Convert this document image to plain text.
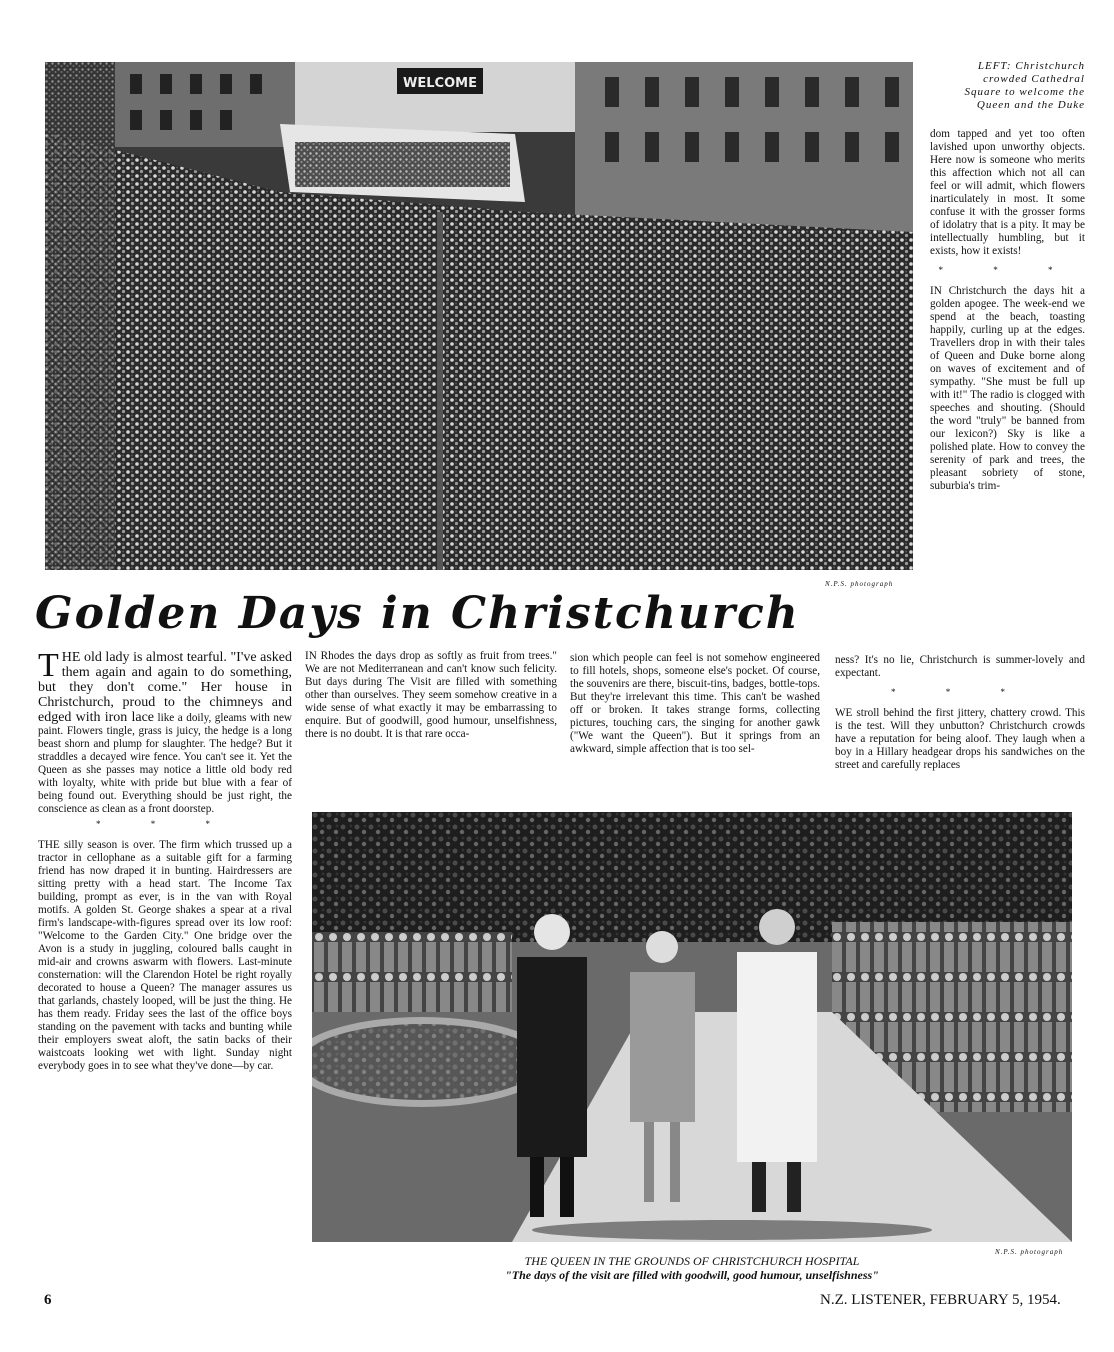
WELCOME
N.P.S. photograph
LEFT: Christchurch
crowded Cathedral
Square to welcome the
Queen and the Duke

dom tapped and yet too often lavished upon unworthy objects. Here now is someone who merits this affection which not all can feel or will admit, which flowers inarticulately in most. It some confuse it with the grosser forms of idolatry that is a pity. It may be intellectually humbling, but it exists, how it exists!

* * *

IN Christchurch the days hit a golden apogee. The week-end we spend at the beach, toasting happily, curling up at the edges. Travellers drop in with their tales of Queen and Duke borne along on waves of excitement and of sympathy. "She must be full up with it!" The radio is clogged with speeches and shouting. (Should the word "truly" be banned from our lexicon?) Sky is like a polished plate. How to convey the serenity of park and trees, the pleasant sobriety of stone, suburbia's trim-

Golden Days in Christchurch

T HE old lady is almost tearful. "I've asked them again and again to do something, but they don't come." Her house in Christchurch, proud to the chimneys and edged with iron lace like a doily, gleams with new paint. Flowers tingle, grass is juicy, the hedge is a long beast shorn and plump for slaughter. The hedge? But it straddles a decayed wire fence. You can't see it. Yet the Queen as she passes may notice a little old body red with loyalty, white with pride but blue with a fear of being found out. Everything should be just right, the conscience as clean as a front doorstep.

* * *

THE silly season is over. The firm which trussed up a tractor in cellophane as a suitable gift for a farming friend has now draped it in bunting. Hairdressers are sitting pretty with a head start. The Income Tax building, prompt as ever, is in the van with Royal motifs. A golden St. George shakes a spear at a rival firm's landscape-with-figures spread over its low roof: "Welcome to the Garden City." One bridge over the Avon is a study in juggling, coloured balls caught in mid-air and crowns aswarm with flowers. Last-minute consternation: will the Clarendon Hotel be right royally decorated to house a Queen? The manager assures us that garlands, chastely looped, will be just the thing. He has them ready. Friday sees the last of the office boys standing on the pavement with tacks and bunting while their employers sweat aloft, the satin backs of their waistcoats looking wet with light. Sunday night everybody goes in to see what they've done—by car.

IN Rhodes the days drop as softly as fruit from trees." We are not Mediterranean and can't know such felicity. But days during The Visit are filled with something other than ourselves. They seem somehow creative in a wide sense of what exactly it may be embarrassing to enquire. But of goodwill, good humour, unselfishness, there is no doubt. It is that rare occa-

sion which people can feel is not somehow engineered to fill hotels, shops, someone else's pocket. Of course, the souvenirs are there, biscuit-tins, badges, bottle-tops. But they're irrelevant this time. This can't be washed off or broken. It takes strange forms, collecting pictures, touching cars, the singing for another gawk ("We want the Queen"). But it springs from an awkward, simple affection that is too sel-

ness? It's no lie, Christchurch is summer-lovely and expectant.

* * *

WE stroll behind the first jittery, chattery crowd. This is the test. Will they unbutton? Christchurch crowds have a reputation for being aloof. They laugh when a boy in a Hillary headgear drops his sandwiches on the street and carefully replaces

N.P.S. photograph
THE QUEEN IN THE GROUNDS OF CHRISTCHURCH HOSPITAL
"The days of the visit are filled with goodwill, good humour, unselfishness"
6	N.Z. LISTENER, FEBRUARY 5, 1954.
